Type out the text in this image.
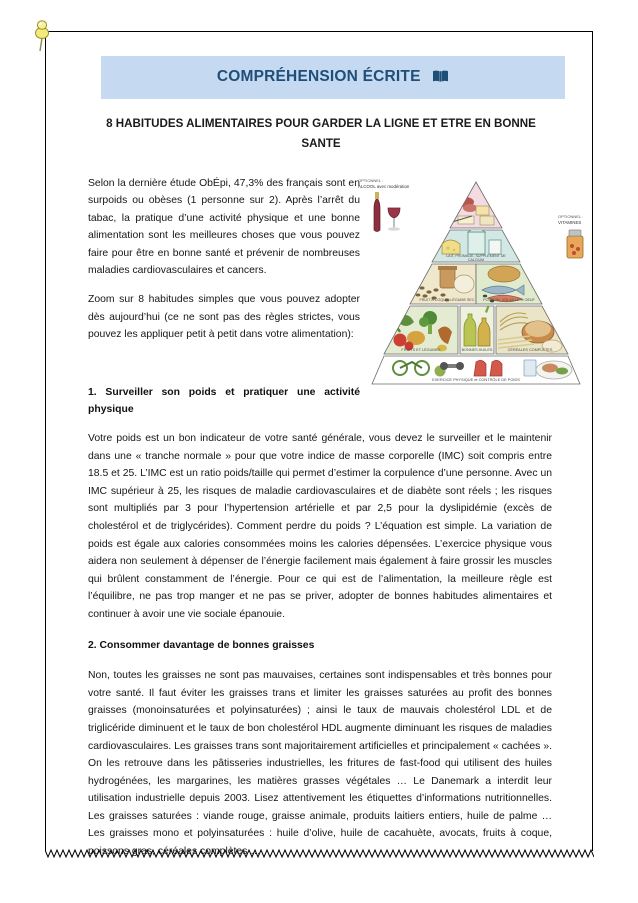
COMPRÉHENSION ÉCRITE
8 HABITUDES ALIMENTAIRES POUR GARDER LA LIGNE ET ETRE EN BONNE SANTE

Selon la dernière étude ObÉpi, 47,3% des français sont en surpoids ou obèses (1 personne sur 2). Après l’arrêt du tabac, la pratique d’une activité physique et une bonne alimentation sont les meilleures choses que vous pouvez faire pour être en bonne santé et prévenir de nombreuses maladies cardiovasculaires et cancers.

Zoom sur 8 habitudes simples que vous pouvez adopter dès aujourd’hui (ce ne sont pas des règles strictes, vous pouvez les appliquer petit à petit dans votre alimentation):

1. Surveiller son poids et pratiquer une activité physique
LAIT, FROMAGE, SUPPLÉMENT DE
CALCIUM
FRUIT À COQUE, LÉGUME SEC POISSON, VOLAILLE et OEUF
FRUITS ET LÉGUMES	BONNES HUILES	CÉRÉALES COMPLÈTES
EXERCICE PHYSIQUE et CONTRÔLE DE POIDS
OPTIONNEL :
ALCOOL avec modération
OPTIONNEL :
VITAMINES

Votre poids est un bon indicateur de votre santé générale, vous devez le surveiller et le maintenir dans une « tranche normale » pour que votre indice de masse corporelle (IMC) soit compris entre 18.5 et 25. L’IMC est un ratio poids/taille qui permet d’estimer la corpulence d’une personne. Avec un IMC supérieur à 25, les risques de maladie cardiovasculaires et de diabète sont réels ; les risques sont multipliés par 3 pour l’hypertension artérielle et par 2,5 pour la dyslipidémie (excès de cholestérol et de triglycérides). Comment perdre du poids ? L’équation est simple. La variation de poids est égale aux calories consommées moins les calories dépensées. L’exercice physique vous aidera non seulement à dépenser de l’énergie facilement mais également à faire grossir les muscles qui brûlent constamment de l’énergie. Pour ce qui est de l’alimentation, la meilleure règle est l’équilibre, ne pas trop manger et ne pas se priver, adopter de bonnes habitudes alimentaires et continuer à avoir une vie sociale épanouie.

2. Consommer davantage de bonnes graisses

Non, toutes les graisses ne sont pas mauvaises, certaines sont indispensables et très bonnes pour votre santé. Il faut éviter les graisses trans et limiter les graisses saturées au profit des bonnes graisses (monoinsaturées et polyinsaturées) ; ainsi le taux de mauvais cholestérol LDL et de triglicéride diminuent et le taux de bon cholestérol HDL augmente diminuant les risques de maladies cardiovasculaires. Les graisses trans sont majoritairement artificielles et principalement « cachées ». On les retrouve dans les pâtisseries industrielles, les fritures de fast-food qui utilisent des huiles hydrogénées, les margarines, les matières grasses végétales … Le Danemark a interdit leur utilisation industrielle depuis 2003. Lisez attentivement les étiquettes d’informations nutritionnelles. Les graisses saturées : viande rouge, graisse animale, produits laitiers entiers, huile de palme … Les graisses mono et polyinsaturées : huile d’olive, huile de cacahuète, avocats, fruits à coque, poissons gras, céréales complètes …
